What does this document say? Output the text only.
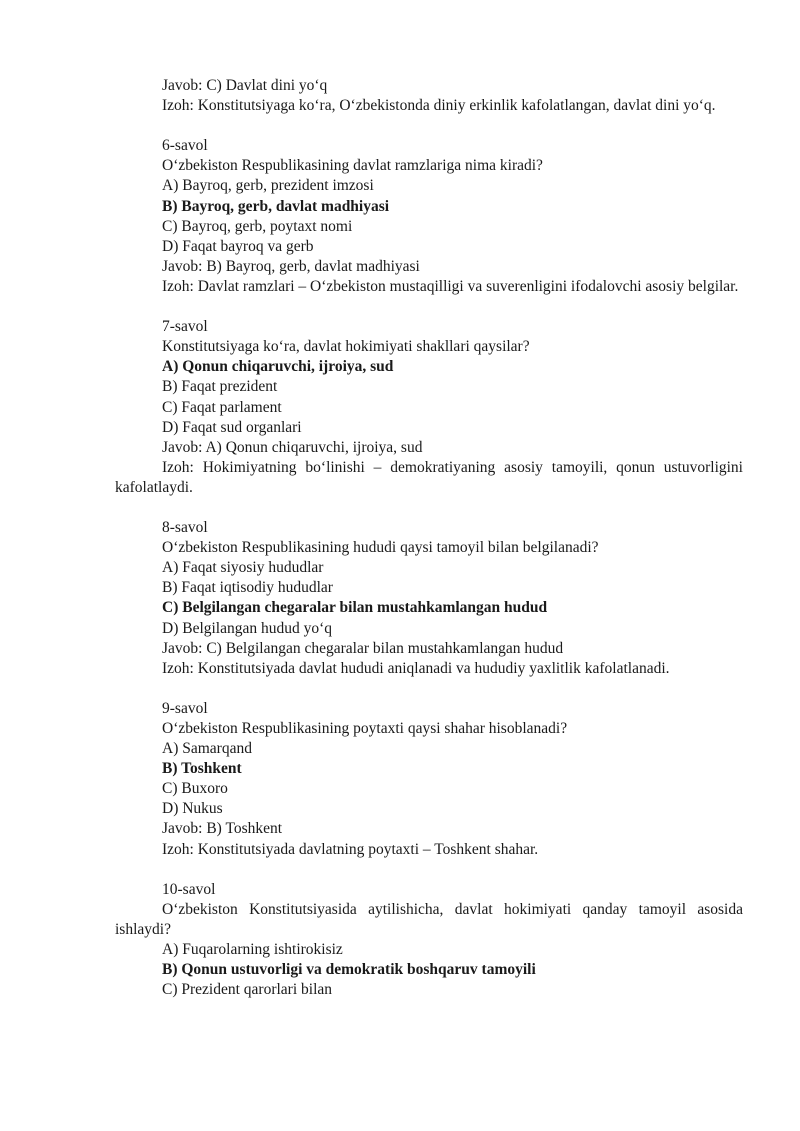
Javob: C) Davlat dini yo‘q
Izoh: Konstitutsiyaga ko‘ra, O‘zbekistonda diniy erkinlik kafolatlangan, davlat dini yo‘q.
6-savol
O‘zbekiston Respublikasining davlat ramzlariga nima kiradi?
A) Bayroq, gerb, prezident imzosi
B) Bayroq, gerb, davlat madhiyasi
C) Bayroq, gerb, poytaxt nomi
D) Faqat bayroq va gerb
Javob: B) Bayroq, gerb, davlat madhiyasi
Izoh: Davlat ramzlari – O‘zbekiston mustaqilligi va suverenligini ifodalovchi asosiy belgilar.
7-savol
Konstitutsiyaga ko‘ra, davlat hokimiyati shakllari qaysilar?
A) Qonun chiqaruvchi, ijroiya, sud
B) Faqat prezident
C) Faqat parlament
D) Faqat sud organlari
Javob: A) Qonun chiqaruvchi, ijroiya, sud
Izoh: Hokimiyatning bo‘linishi – demokratiyaning asosiy tamoyili, qonun ustuvorligini kafolatlaydi.
8-savol
O‘zbekiston Respublikasining hududi qaysi tamoyil bilan belgilanadi?
A) Faqat siyosiy hududlar
B) Faqat iqtisodiy hududlar
C) Belgilangan chegaralar bilan mustahkamlangan hudud
D) Belgilangan hudud yo‘q
Javob: C) Belgilangan chegaralar bilan mustahkamlangan hudud
Izoh: Konstitutsiyada davlat hududi aniqlanadi va hududiy yaxlitlik kafolatlanadi.
9-savol
O‘zbekiston Respublikasining poytaxti qaysi shahar hisoblanadi?
A) Samarqand
B) Toshkent
C) Buxoro
D) Nukus
Javob: B) Toshkent
Izoh: Konstitutsiyada davlatning poytaxti – Toshkent shahar.
10-savol
O‘zbekiston Konstitutsiyasida aytilishicha, davlat hokimiyati qanday tamoyil asosida ishlaydi?
A) Fuqarolarning ishtirokisiz
B) Qonun ustuvorligi va demokratik boshqaruv tamoyili
C) Prezident qarorlari bilan
